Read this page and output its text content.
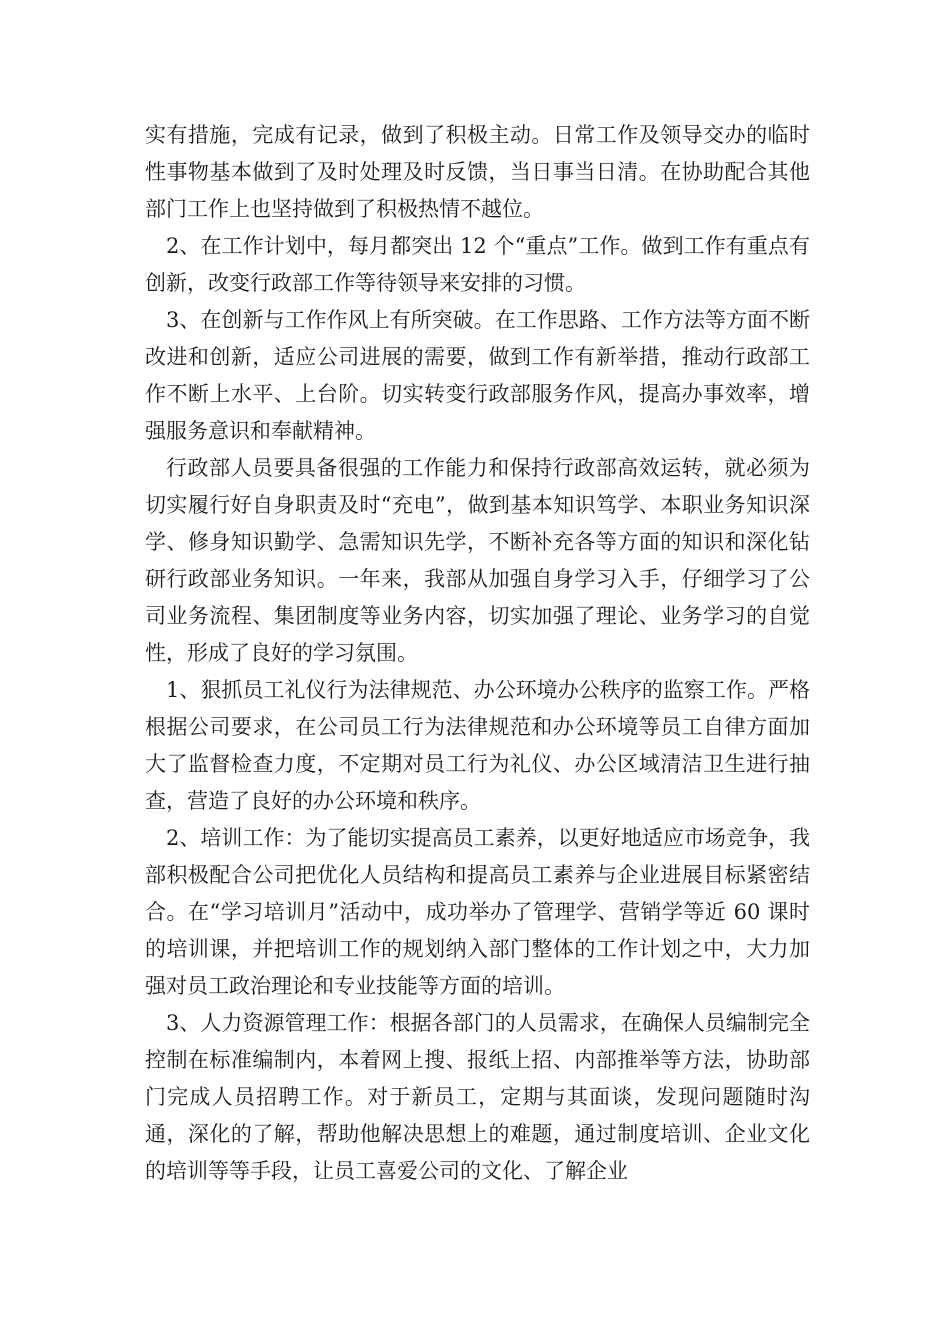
实有措施，完成有记录，做到了积极主动。日常工作及领导交办的临时性事物基本做到了及时处理及时反馈，当日事当日清。在协助配合其他部门工作上也坚持做到了积极热情不越位。

2、在工作计划中，每月都突出 12 个“重点”工作。做到工作有重点有创新，改变行政部工作等待领导来安排的习惯。

3、在创新与工作作风上有所突破。在工作思路、工作方法等方面不断改进和创新，适应公司进展的需要，做到工作有新举措，推动行政部工作不断上水平、上台阶。切实转变行政部服务作风，提高办事效率，增强服务意识和奉献精神。

行政部人员要具备很强的工作能力和保持行政部高效运转，就必须为切实履行好自身职责及时“充电”，做到基本知识笃学、本职业务知识深学、修身知识勤学、急需知识先学，不断补充各等方面的知识和深化钻研行政部业务知识。一年来，我部从加强自身学习入手，仔细学习了公司业务流程、集团制度等业务内容，切实加强了理论、业务学习的自觉性，形成了良好的学习氛围。

1、狠抓员工礼仪行为法律规范、办公环境办公秩序的监察工作。严格根据公司要求，在公司员工行为法律规范和办公环境等员工自律方面加大了监督检查力度，不定期对员工行为礼仪、办公区域清洁卫生进行抽查，营造了良好的办公环境和秩序。

2、培训工作：为了能切实提高员工素养，以更好地适应市场竞争，我部积极配合公司把优化人员结构和提高员工素养与企业进展目标紧密结合。在“学习培训月”活动中，成功举办了管理学、营销学等近 60 课时的培训课，并把培训工作的规划纳入部门整体的工作计划之中，大力加强对员工政治理论和专业技能等方面的培训。

3、人力资源管理工作：根据各部门的人员需求，在确保人员编制完全控制在标准编制内，本着网上搜、报纸上招、内部推举等方法，协助部门完成人员招聘工作。对于新员工，定期与其面谈，发现问题随时沟通，深化的了解，帮助他解决思想上的难题，通过制度培训、企业文化的培训等等手段，让员工喜爱公司的文化、了解企业
